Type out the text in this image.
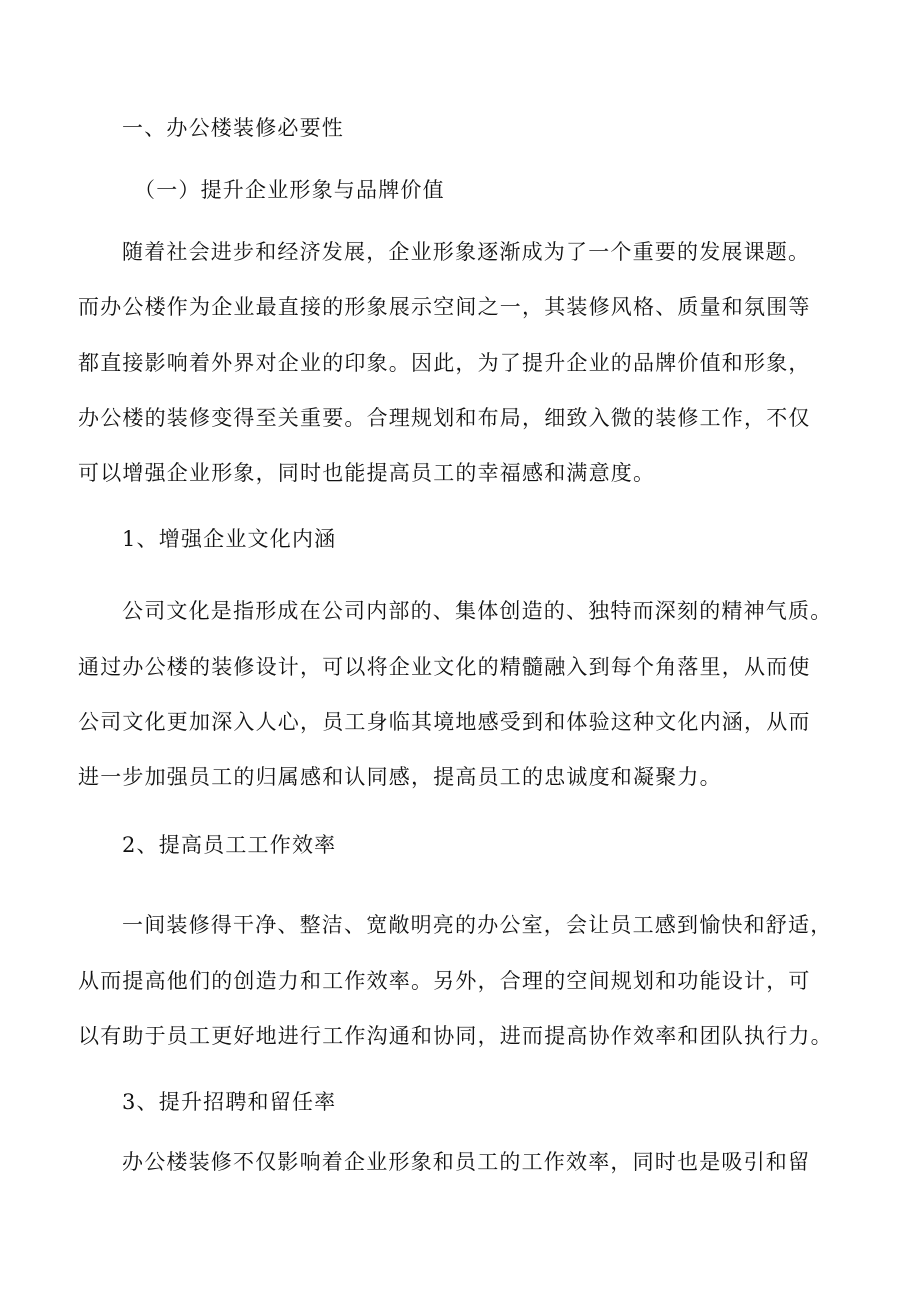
一、办公楼装修必要性
（一）提升企业形象与品牌价值
随着社会进步和经济发展，企业形象逐渐成为了一个重要的发展课题。
而办公楼作为企业最直接的形象展示空间之一，其装修风格、质量和氛围等
都直接影响着外界对企业的印象。因此，为了提升企业的品牌价值和形象，
办公楼的装修变得至关重要。合理规划和布局，细致入微的装修工作，不仅
可以增强企业形象，同时也能提高员工的幸福感和满意度。
1、增强企业文化内涵
公司文化是指形成在公司内部的、集体创造的、独特而深刻的精神气质。
通过办公楼的装修设计，可以将企业文化的精髓融入到每个角落里，从而使
公司文化更加深入人心，员工身临其境地感受到和体验这种文化内涵，从而
进一步加强员工的归属感和认同感，提高员工的忠诚度和凝聚力。
2、提高员工工作效率
一间装修得干净、整洁、宽敞明亮的办公室，会让员工感到愉快和舒适，
从而提高他们的创造力和工作效率。另外，合理的空间规划和功能设计，可
以有助于员工更好地进行工作沟通和协同，进而提高协作效率和团队执行力。
3、提升招聘和留任率
办公楼装修不仅影响着企业形象和员工的工作效率，同时也是吸引和留
